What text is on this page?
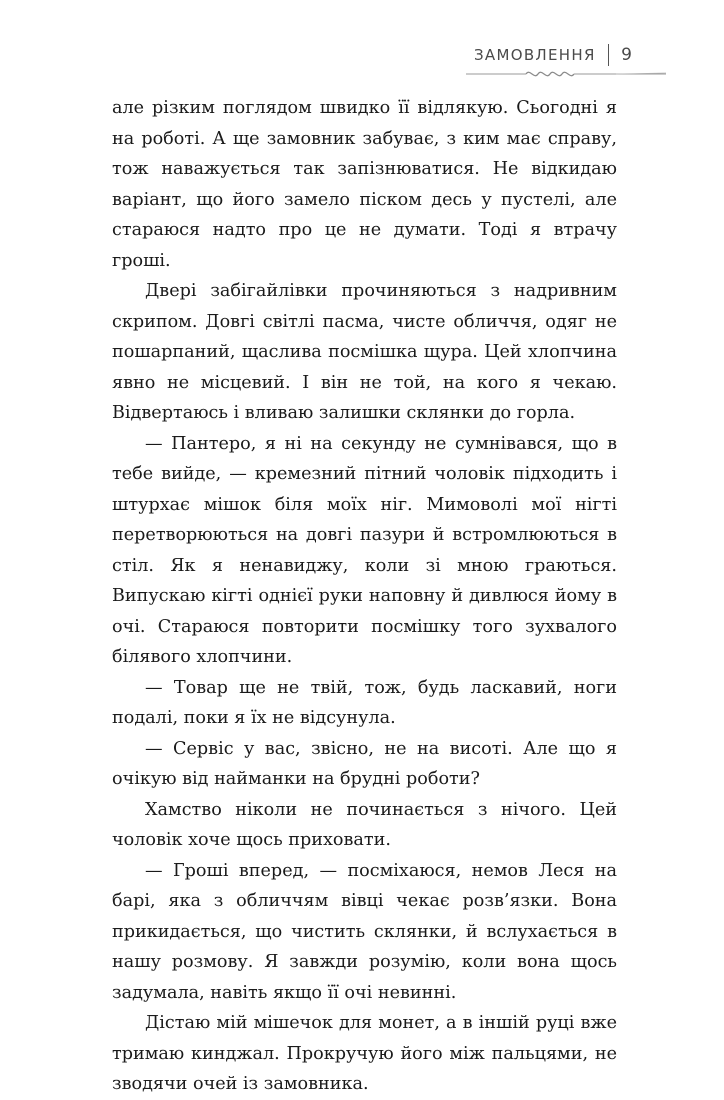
ЗАМОВЛЕННЯ 9

але різким поглядом швидко її відлякую. Сьогодні я на роботі. А ще замовник забуває, з ким має справу, тож наважується так запізнюватися. Не відкидаю варіант, що його замело піском десь у пустелі, але стараюся надто про це не думати. Тоді я втрачу гроші.

Двері забігайлівки прочиняються з надривним скрипом. Довгі світлі пасма, чисте обличчя, одяг не пошарпаний, щаслива посмішка щура. Цей хлопчина явно не місцевий. І він не той, на кого я чекаю. Відвертаюсь і вливаю залишки склянки до горла.

— Пантеро, я ні на секунду не сумнівався, що в тебе вийде, — кремезний пітний чоловік підходить і штурхає мішок біля моїх ніг. Мимоволі мої нігті перетворюються на довгі пазури й встромлюються в стіл. Як я ненавиджу, коли зі мною граються. Випускаю кігті однієї руки наповну й дивлюся йому в очі. Стараюся повторити посмішку того зухвалого білявого хлопчини.

— Товар ще не твій, тож, будь ласкавий, ноги подалі, поки я їх не відсунула.

— Сервіс у вас, звісно, не на висоті. Але що я очікую від найманки на брудні роботи?

Хамство ніколи не починається з нічого. Цей чоловік хоче щось приховати.

— Гроші вперед, — посміхаюся, немов Леся на барі, яка з обличчям вівці чекає розв’язки. Вона прикидається, що чистить склянки, й вслухається в нашу розмову. Я завжди розумію, коли вона щось задумала, навіть якщо її очі невинні.

Дістаю мій мішечок для монет, а в іншій руці вже тримаю кинджал. Прокручую його між пальцями, не зводячи очей із замовника.
